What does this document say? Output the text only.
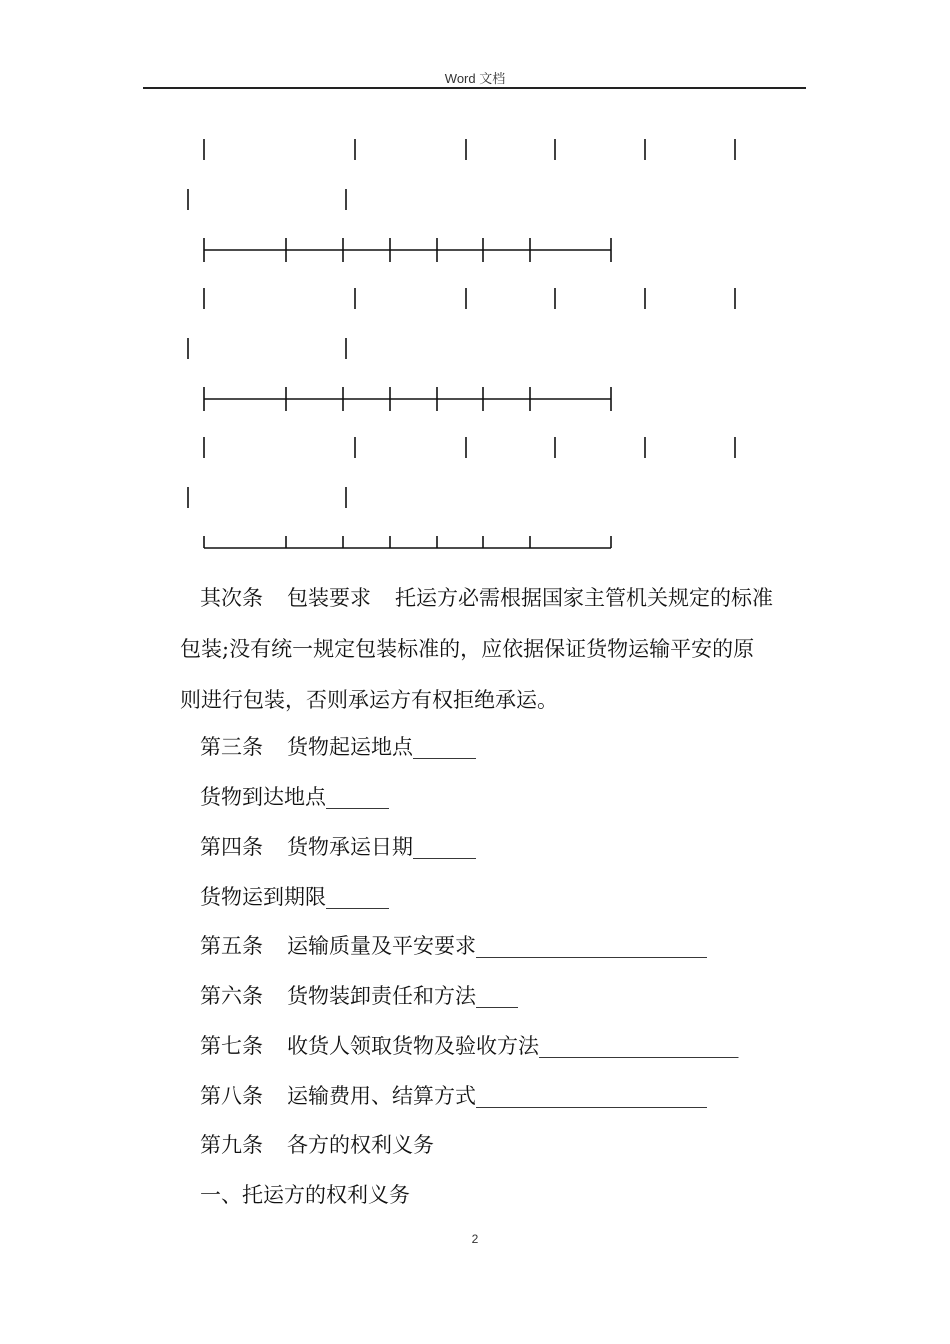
Word 文档
其次条 包装要求 托运方必需根据国家主管机关规定的标准
包装;没有统一规定包装标准的，应依据保证货物运输平安的原
则进行包装，否则承运方有权拒绝承运。
第三条 货物起运地点______
货物到达地点______
第四条 货物承运日期______
货物运到期限______
第五条 运输质量及平安要求______________________
第六条 货物装卸责任和方法____
第七条 收货人领取货物及验收方法___________________
第八条 运输费用、结算方式______________________
第九条 各方的权利义务
一、托运方的权利义务
2
